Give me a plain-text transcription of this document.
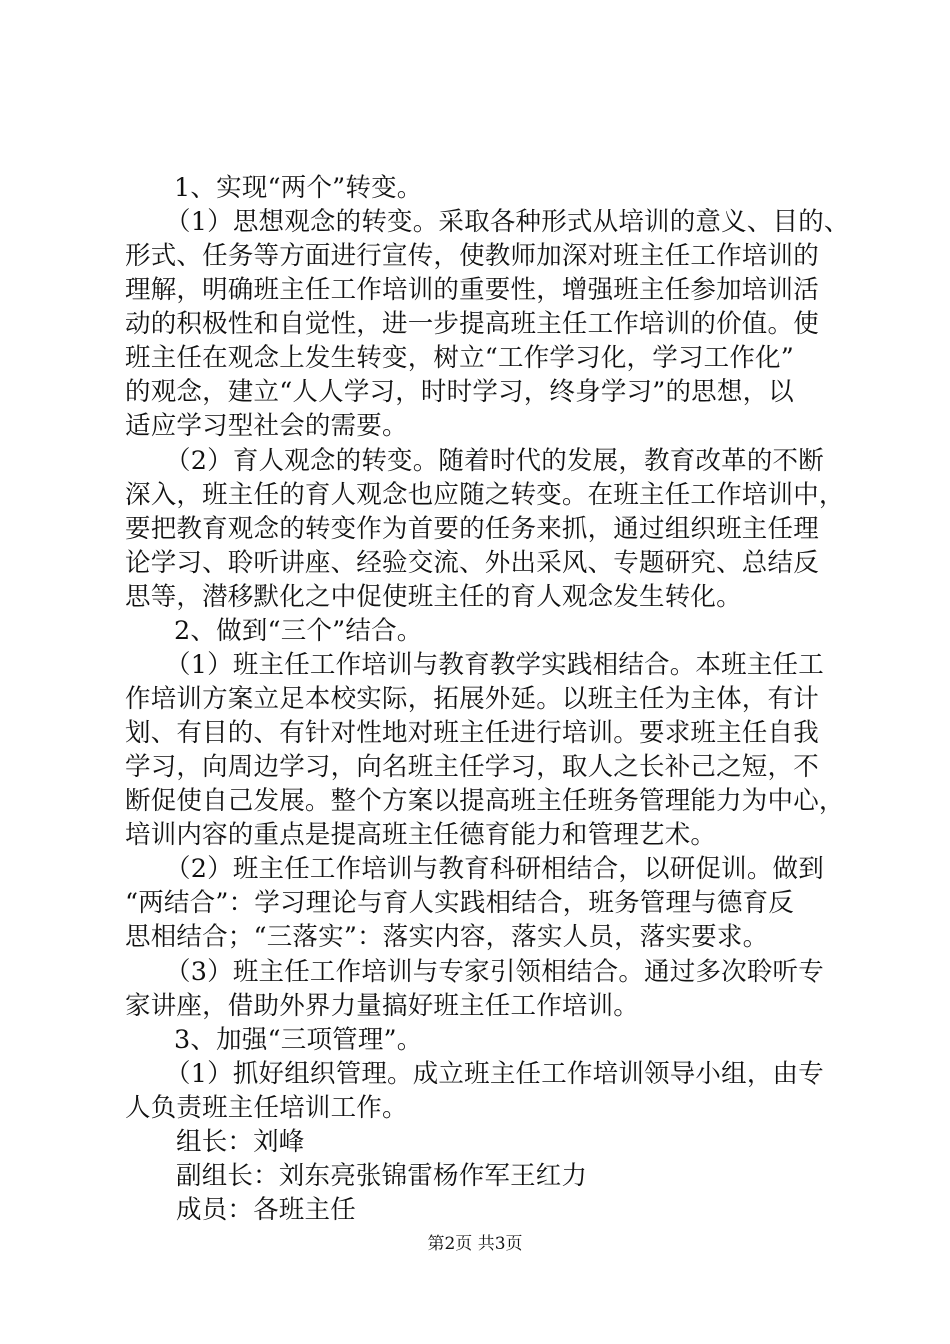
1、实现“两个”转变。
（1）思想观念的转变。采取各种形式从培训的意义、目的、
形式、任务等方面进行宣传，使教师加深对班主任工作培训的
理解，明确班主任工作培训的重要性，增强班主任参加培训活
动的积极性和自觉性，进一步提高班主任工作培训的价值。使
班主任在观念上发生转变，树立“工作学习化，学习工作化”
的观念，建立“人人学习，时时学习，终身学习”的思想，以
适应学习型社会的需要。
（2）育人观念的转变。随着时代的发展，教育改革的不断
深入，班主任的育人观念也应随之转变。在班主任工作培训中，
要把教育观念的转变作为首要的任务来抓，通过组织班主任理
论学习、聆听讲座、经验交流、外出采风、专题研究、总结反
思等，潜移默化之中促使班主任的育人观念发生转化。
2、做到“三个”结合。
（1）班主任工作培训与教育教学实践相结合。本班主任工
作培训方案立足本校实际，拓展外延。以班主任为主体，有计
划、有目的、有针对性地对班主任进行培训。要求班主任自我
学习，向周边学习，向名班主任学习，取人之长补己之短，不
断促使自己发展。整个方案以提高班主任班务管理能力为中心，
培训内容的重点是提高班主任德育能力和管理艺术。
（2）班主任工作培训与教育科研相结合，以研促训。做到
“两结合”：学习理论与育人实践相结合，班务管理与德育反
思相结合；“三落实”：落实内容，落实人员，落实要求。
（3）班主任工作培训与专家引领相结合。通过多次聆听专
家讲座，借助外界力量搞好班主任工作培训。
3、加强“三项管理”。
（1）抓好组织管理。成立班主任工作培训领导小组，由专
人负责班主任培训工作。
组长：刘峰
副组长：刘东亮张锦雷杨作军王红力
成员：各班主任
第2页 共3页
